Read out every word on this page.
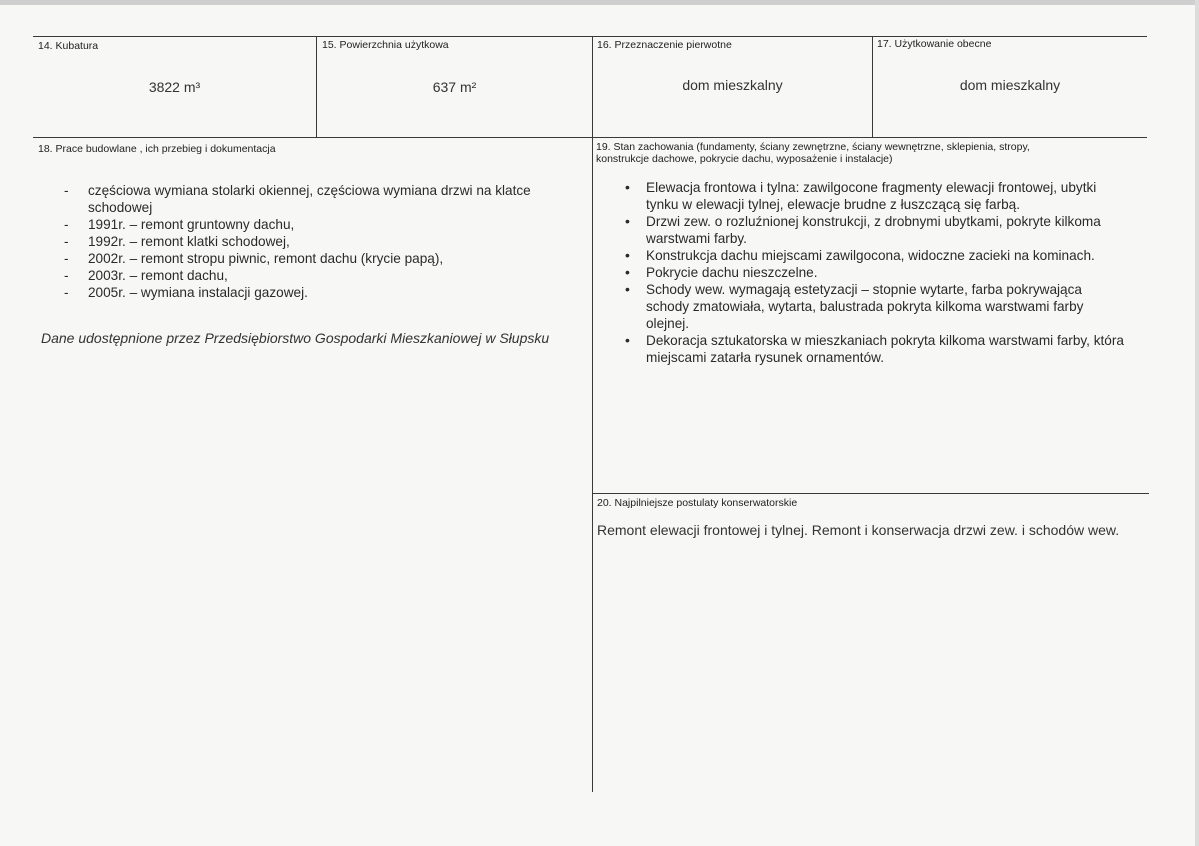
14. Kubatura
3822 m³
15. Powierzchnia użytkowa
637 m²
16. Przeznaczenie pierwotne
dom mieszkalny
17. Użytkowanie obecne
dom mieszkalny
18. Prace budowlane , ich przebieg i dokumentacja
- częściowa wymiana stolarki okiennej, częściowa wymiana drzwi na klatce schodowej
- 1991r. – remont gruntowny dachu,
- 1992r. – remont klatki schodowej,
- 2002r. – remont stropu piwnic, remont dachu (krycie papą),
- 2003r. – remont dachu,
- 2005r. – wymiana instalacji gazowej.
Dane udostępnione przez Przedsiębiorstwo Gospodarki Mieszkaniowej w Słupsku
19. Stan zachowania (fundamenty, ściany zewnętrzne, ściany wewnętrzne, sklepienia, stropy,
konstrukcje dachowe, pokrycie dachu, wyposażenie i instalacje)
• Elewacja frontowa i tylna: zawilgocone fragmenty elewacji frontowej, ubytki tynku w elewacji tylnej, elewacje brudne z łuszczącą się farbą.
• Drzwi zew. o rozluźnionej konstrukcji, z drobnymi ubytkami, pokryte kilkoma warstwami farby.
• Konstrukcja dachu miejscami zawilgocona, widoczne zacieki na kominach.
• Pokrycie dachu nieszczelne.
• Schody wew. wymagają estetyzacji – stopnie wytarte, farba pokrywająca schody zmatowiała, wytarta, balustrada pokryta kilkoma warstwami farby olejnej.
• Dekoracja sztukatorska w mieszkaniach pokryta kilkoma warstwami farby, która miejscami zatarła rysunek ornamentów.
20. Najpilniejsze postulaty konserwatorskie
Remont elewacji frontowej i tylnej. Remont i konserwacja drzwi zew. i schodów wew.
